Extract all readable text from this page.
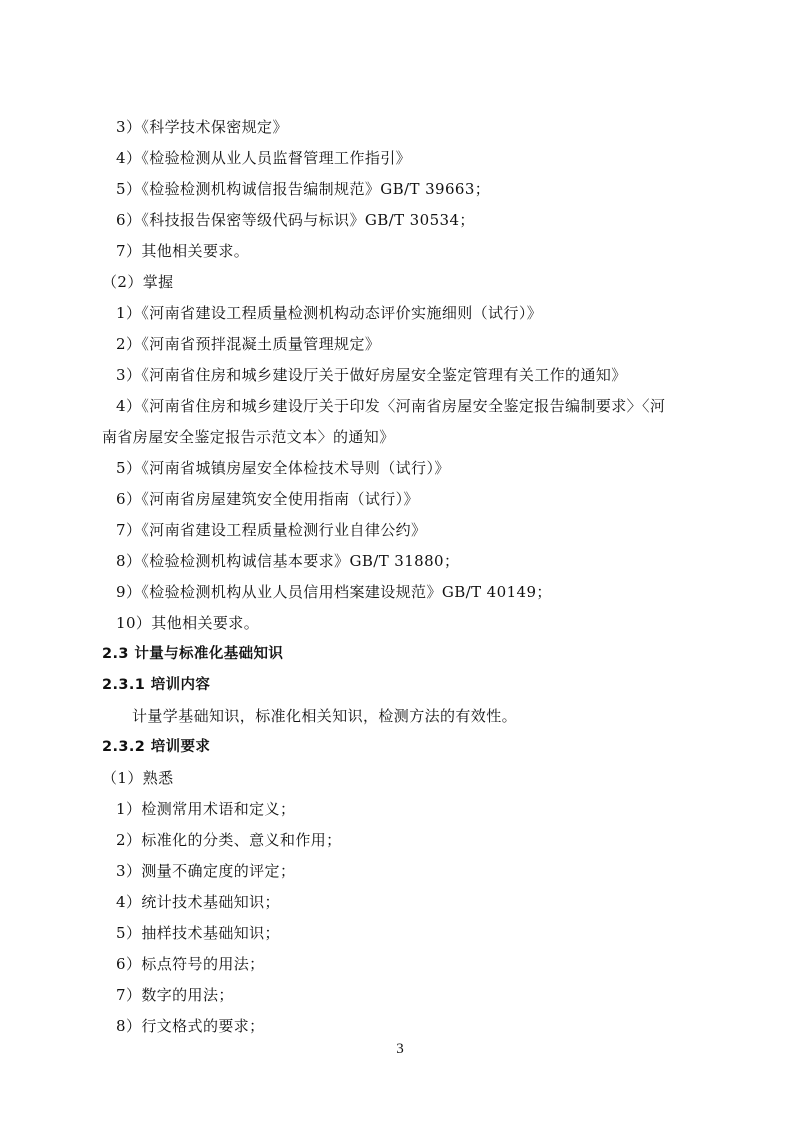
3）《科学技术保密规定》
4）《检验检测从业人员监督管理工作指引》
5）《检验检测机构诚信报告编制规范》GB/T 39663；
6）《科技报告保密等级代码与标识》GB/T 30534；
7）其他相关要求。
（2）掌握
1）《河南省建设工程质量检测机构动态评价实施细则（试行）》
2）《河南省预拌混凝土质量管理规定》
3）《河南省住房和城乡建设厅关于做好房屋安全鉴定管理有关工作的通知》
4）《河南省住房和城乡建设厅关于印发〈河南省房屋安全鉴定报告编制要求〉〈河
南省房屋安全鉴定报告示范文本〉的通知》
5）《河南省城镇房屋安全体检技术导则（试行）》
6）《河南省房屋建筑安全使用指南（试行）》
7）《河南省建设工程质量检测行业自律公约》
8）《检验检测机构诚信基本要求》GB/T 31880；
9）《检验检测机构从业人员信用档案建设规范》GB/T 40149；
10）其他相关要求。
2.3 计量与标准化基础知识
2.3.1 培训内容
计量学基础知识，标准化相关知识，检测方法的有效性。
2.3.2 培训要求
（1）熟悉
1）检测常用术语和定义；
2）标准化的分类、意义和作用；
3）测量不确定度的评定；
4）统计技术基础知识；
5）抽样技术基础知识；
6）标点符号的用法；
7）数字的用法；
8）行文格式的要求；
3
